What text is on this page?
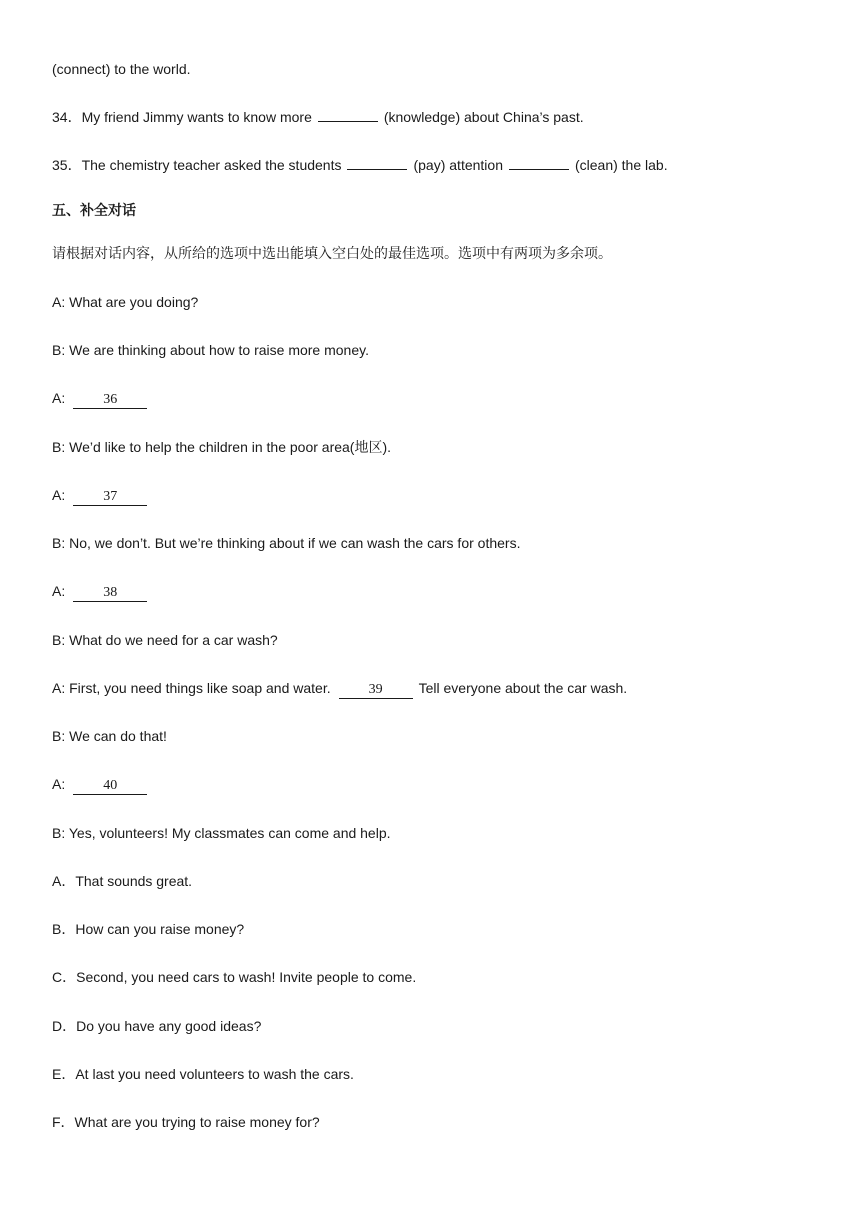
(connect) to the world.
34．My friend Jimmy wants to know more	(knowledge) about China’s past.
35．The chemistry teacher asked the students	(pay) attention	(clean) the lab.
五、补全对话
请根据对话内容，从所给的选项中选出能填入空白处的最佳选项。选项中有两项为多余项。
A: What are you doing?
B: We are thinking about how to raise more money.
A:	36
B: We’d like to help the children in the poor area(地区).
A:	37
B: No, we don’t. But we’re thinking about if we can wash the cars for others.
A:	38
B: What do we need for a car wash?
A: First, you need things like soap and water.	39	Tell everyone about the car wash.
B: We can do that!
A:	40
B: Yes, volunteers! My classmates can come and help.
A．That sounds great.
B．How can you raise money?
C．Second, you need cars to wash! Invite people to come.
D．Do you have any good ideas?
E．At last you need volunteers to wash the cars.
F．What are you trying to raise money for?
